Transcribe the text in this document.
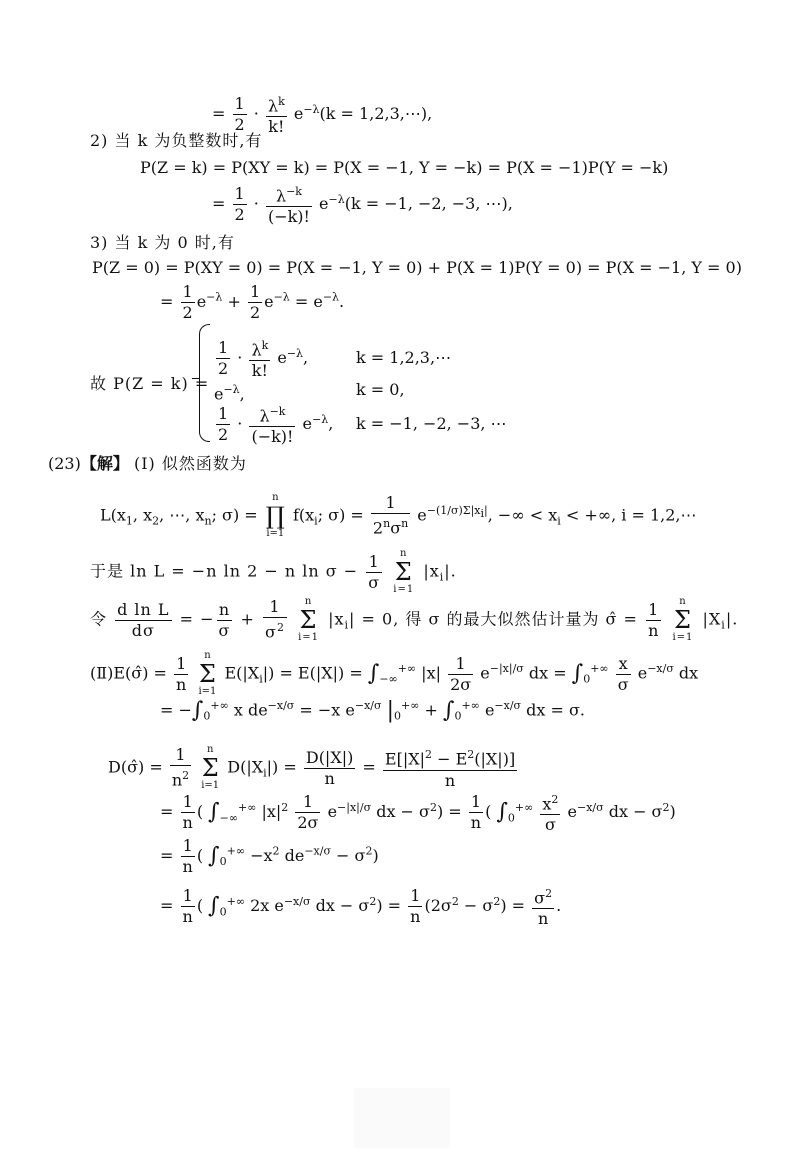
= $\frac{1}{2} \cdot \frac{\lambda^k}{k!} e^{-\lambda}(k$ = 1,2,3,⋯),
2) 当 k 为负整数时,有
P(Z = k) = P(XY = k) = P(X = −1, Y = −k) = P(X = −1)P(Y = −k)
= $\frac{1}{2} \cdot \frac{\lambda^{-k}}{(-k)!} e^{-\lambda}(k = -1$, −2, −3, ⋯),
3) 当 k 为 0 时,有
P(Z = 0) = P(XY = 0) = P(X = −1, Y = 0) + P(X = 1)P(Y = 0) = P(X = −1, Y = 0)
= $\frac{1}{2} e^{-\lambda} + \frac{1}{2} e^{-\lambda} = e^{-\lambda}$.
故 P(Z = k) =
$\frac{1}{2} \cdot \frac{\lambda^k}{k!} e^{-\lambda}$,	k = 1,2,3,⋯
$e^{-\lambda}$,	k = 0,
$\frac{1}{2} \cdot \frac{\lambda^{-k}}{(-k)!} e^{-\lambda}$, k = −1, −2, −3, ⋯
(23)【解】 (Ⅰ) 似然函数为
$L(x_1$, $x_2$, ⋯, $x_n$; σ) =
n
∏
i=1
$f(x_i$; $\sigma) = \frac{1}{2^n\sigma^n} e^{-(1/\sigma)\Sigma|x_i|}$, −∞ < $x_i$ < +∞, i = 1,2,⋯
于是 ln L = −n ln 2 − n $\ln \sigma - \frac{1}{\sigma}$
	n
Σ
i=1
$|x_i|$.
令 $\frac{\text{d ln L}}{d\sigma}$ = − $\frac{n}{\sigma} + \frac{1}{\sigma^2}$
	n
Σ
i=1
$|x_i| = 0$, 得 σ 的最大似然估计量为 σ̂ = $\frac{1}{n}$
	n
Σ
i=1
$|X_i|$.
(Ⅱ)E(σ̂) = $\frac{1}{n}$
	n
Σ
i=1
$E(|X_i|) = E(|X|) = \int_{-\infty}^{+\infty}$ $|x| \frac{1}{2\sigma} e^{-|x|/\sigma}$ dx = $\int_0^{+\infty} \frac{x}{\sigma} e^{-x/\sigma}$ dx
= $-\int_0^{+\infty}$ x $de^{-x/\sigma} = -x$ $e^{-x/\sigma}$ $|_0^{+\infty} + \int_0^{+\infty}$ $e^{-x/\sigma}$ dx = σ.
D(σ̂) = $\frac{1}{n^2}$
	n
Σ
i=1
$D(|X_i|) = \frac{D(|X|)}{n} = \frac{E[|X|^2 - E^2(|X|)]}{n}$
= $\frac{1}{n}$ ( $\int_{-\infty}^{+\infty}$ $|x|^2 \frac{1}{2\sigma} e^{-|x|/\sigma}$ dx − $\sigma^2) = \frac{1}{n}$ ( $\int_0^{+\infty} \frac{x^2}{\sigma} e^{-x/\sigma}$ dx − $\sigma^2$)
= $\frac{1}{n}$ ( $\int_0^{+\infty} -x^2$ $de^{-x/\sigma} - \sigma^2$)
= $\frac{1}{n}$ ( $\int_0^{+\infty}$ 2x $e^{-x/\sigma}$ dx − $\sigma^2) = \frac{1}{n} (2\sigma^2 - \sigma^2) = \frac{\sigma^2}{n}$ .
